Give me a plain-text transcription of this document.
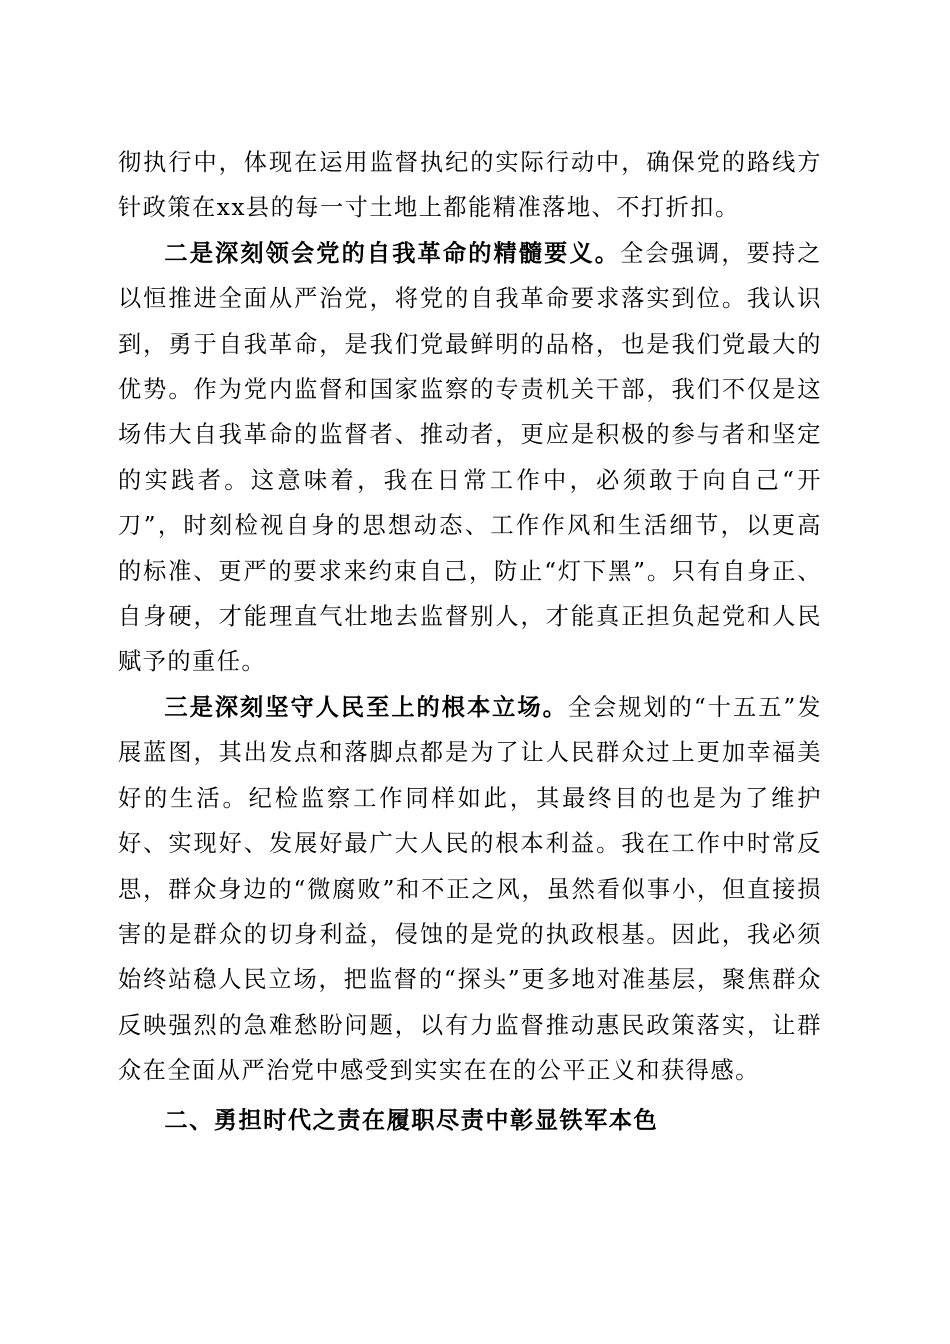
彻执行中，体现在运用监督执纪的实际行动中，确保党的路线方针政策在xx县的每一寸土地上都能精准落地、不打折扣。

二是深刻领会党的自我革命的精髓要义。全会强调，要持之以恒推进全面从严治党，将党的自我革命要求落实到位。我认识到，勇于自我革命，是我们党最鲜明的品格，也是我们党最大的优势。作为党内监督和国家监察的专责机关干部，我们不仅是这场伟大自我革命的监督者、推动者，更应是积极的参与者和坚定的实践者。这意味着，我在日常工作中，必须敢于向自己“开刀”，时刻检视自身的思想动态、工作作风和生活细节，以更高的标准、更严的要求来约束自己，防止“灯下黑”。只有自身正、自身硬，才能理直气壮地去监督别人，才能真正担负起党和人民赋予的重任。

三是深刻坚守人民至上的根本立场。全会规划的“十五五”发展蓝图，其出发点和落脚点都是为了让人民群众过上更加幸福美好的生活。纪检监察工作同样如此，其最终目的也是为了维护好、实现好、发展好最广大人民的根本利益。我在工作中时常反思，群众身边的“微腐败”和不正之风，虽然看似事小，但直接损害的是群众的切身利益，侵蚀的是党的执政根基。因此，我必须始终站稳人民立场，把监督的“探头”更多地对准基层，聚焦群众反映强烈的急难愁盼问题，以有力监督推动惠民政策落实，让群众在全面从严治党中感受到实实在在的公平正义和获得感。

二、勇担时代之责在履职尽责中彰显铁军本色
